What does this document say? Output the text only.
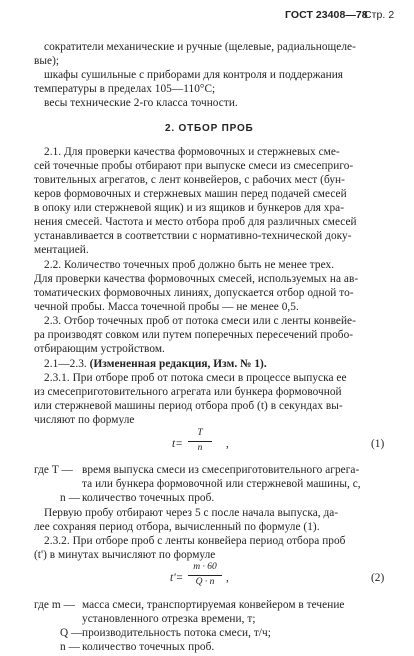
ГОСТ 23408—78
Стр. 2

сократители механические и ручные (щелевые, радиальнощеле-

вые);

шкафы сушильные с приборами для контроля и поддержания

температуры в пределах 105—110°С;

весы технические 2-го класса точности.

2. ОТБОР ПРОБ

2.1. Для проверки качества формовочных и стержневых сме-

сей точечные пробы отбирают при выпуске смеси из смесеприго-

товительных агрегатов, с лент конвейеров, с рабочих мест (бун-

керов формовочных и стержневых машин перед подачей смесей

в опоку или стержневой ящик) и из ящиков и бункеров для хра-

нения смесей. Частота и место отбора проб для различных смесей

устанавливается в соответствии с нормативно-технической доку-

ментацией.

2.2. Количество точечных проб должно быть не менее трех.

Для проверки качества формовочных смесей, используемых на ав-

томатических формовочных линиях, допускается отбор одной то-

чечной пробы. Масса точечной пробы — не менее 0,5.

2.3. Отбор точечных проб от потока смеси или с ленты конвейе-

ра производят совком или путем поперечных пересечений пробо-

отбирающим устройством.

2.1—2.3. (Измененная редакция, Изм. № 1).

2.3.1. При отборе проб от потока смеси в процессе выпуска ее

из смесеприготовительного агрегата или бункера формовочной

или стержневой машины период отбора проб (t) в секундах вы-

числяют по формуле

t=
T
n	,	(1)

где T — время выпуска смеси из смесеприготовительного агрега-

та или бункера формовочной или стержневой машины, с,

n — количество точечных проб.

Первую пробу отбирают через 5 с после начала выпуска, да-

лее сохраняя период отбора, вычисленный по формуле (1).

2.3.2. При отборе проб с ленты конвейера период отбора проб

(t') в минутах вычисляют по формуле

t'=
m · 60
Q · n	,	(2)

где m — масса смеси, транспортируемая конвейером в течение

установленного отрезка времени, т;

Q — производительность потока смеси, т/ч;

n — количество точечных проб.
